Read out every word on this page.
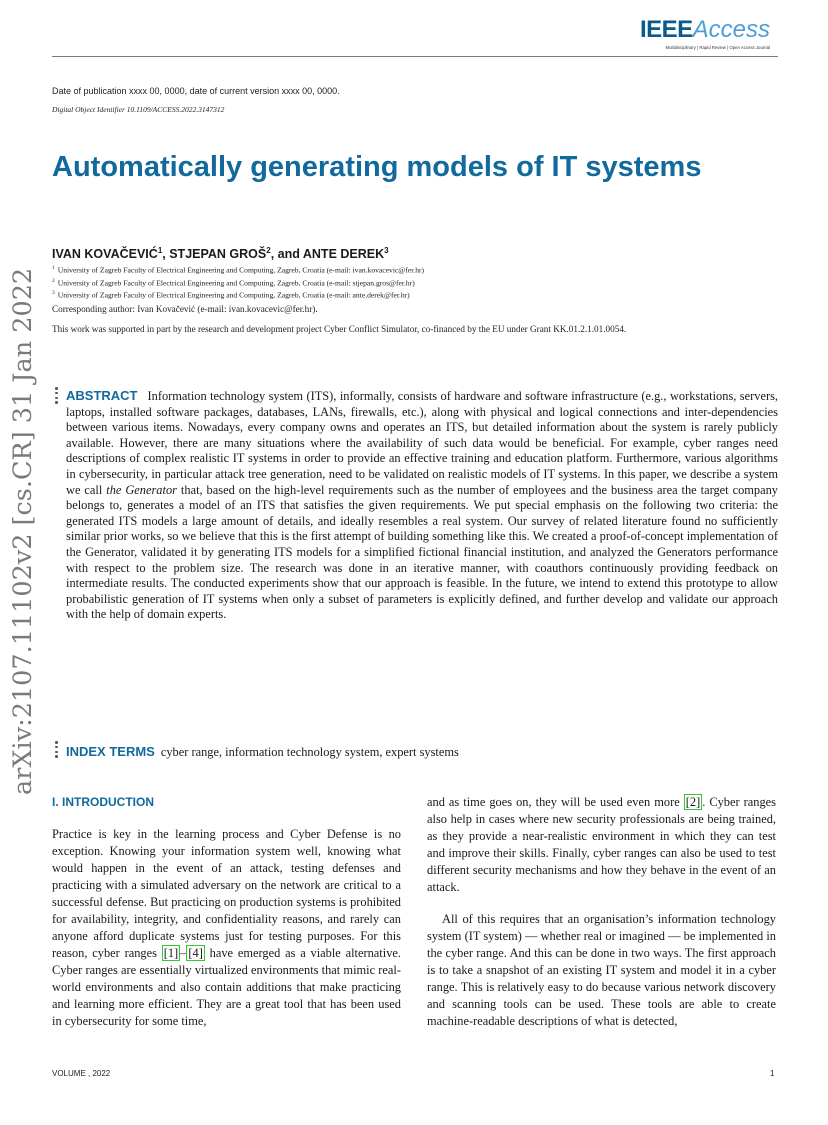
IEEEAccess
Multidisciplinary | Rapid Review | Open Access Journal
Date of publication xxxx 00, 0000, date of current version xxxx 00, 0000.
Digital Object Identifier 10.1109/ACCESS.2022.3147312
Automatically generating models of IT systems
IVAN KOVAČEVIĆ$^1$, STJEPAN GROŠ$^2$, and ANTE DEREK$^3$
$^1$ University of Zagreb Faculty of Electrical Engineering and Computing, Zagreb, Croatia (e-mail: ivan.kovacevic@fer.hr)
$^2$ University of Zagreb Faculty of Electrical Engineering and Computing, Zagreb, Croatia (e-mail: stjepan.gros@fer.hr)
$^3$ University of Zagreb Faculty of Electrical Engineering and Computing, Zagreb, Croatia (e-mail: ante.derek@fer.hr)
Corresponding author: Ivan Kovačević (e-mail: ivan.kovacevic@fer.hr).
This work was supported in part by the research and development project Cyber Conflict Simulator, co-financed by the EU under Grant KK.01.2.1.01.0054.
arXiv:2107.11102v2 [cs.CR] 31 Jan 2022 ABSTRACT Information technology system (ITS), informally, consists of hardware and software infrastructure (e.g., workstations, servers, laptops, installed software packages, databases, LANs, firewalls, etc.), along with physical and logical connections and inter-dependencies between various items. Nowadays, every company owns and operates an ITS, but detailed information about the system is rarely publicly available. However, there are many situations where the availability of such data would be beneficial. For example, cyber ranges need descriptions of complex realistic IT systems in order to provide an effective training and education platform. Furthermore, various algorithms in cybersecurity, in particular attack tree generation, need to be validated on realistic models of IT systems. In this paper, we describe a system we call the Generator that, based on the high-level requirements such as the number of employees and the business area the target company belongs to, generates a model of an ITS that satisfies the given requirements. We put special emphasis on the following two criteria: the generated ITS models a large amount of details, and ideally resembles a real system. Our survey of related literature found no sufficiently similar prior works, so we believe that this is the first attempt of building something like this. We created a proof-of-concept implementation of the Generator, validated it by generating ITS models for a simplified fictional financial institution, and analyzed the Generators performance with respect to the problem size. The research was done in an iterative manner, with coauthors continuously providing feedback on intermediate results. The conducted experiments show that our approach is feasible. In the future, we intend to extend this prototype to allow probabilistic generation of IT systems when only a subset of parameters is explicitly defined, and further develop and validate our approach with the help of domain experts.

INDEX TERMS cyber range, information technology system, expert systems
I. INTRODUCTION

Practice is key in the learning process and Cyber Defense is no exception. Knowing your information system well, knowing what would happen in the event of an attack, testing defenses and practicing with a simulated adversary on the network are critical to a successful defense. But practicing on production systems is prohibited for availability, integrity, and confidentiality reasons, and rarely can anyone afford duplicate systems just for testing purposes. For this reason, cyber ranges [1] – [4] have emerged as a viable alternative. Cyber ranges are essentially virtualized environments that mimic real-world environments and also contain additions that make practicing and learning more efficient. They are a great tool that has been used in cybersecurity for some time,

and as time goes on, they will be used even more [2] . Cyber ranges also help in cases where new security professionals are being trained, as they provide a near-realistic environment in which they can test and improve their skills. Finally, cyber ranges can also be used to test different security mechanisms and how they behave in the event of an attack.

All of this requires that an organisation’s information technology system (IT system) — whether real or imagined — be implemented in the cyber range. And this can be done in two ways. The first approach is to take a snapshot of an existing IT system and model it in a cyber range. This is relatively easy to do because various network discovery and scanning tools can be used. These tools are able to create machine-readable descriptions of what is detected,

VOLUME , 2022	1
